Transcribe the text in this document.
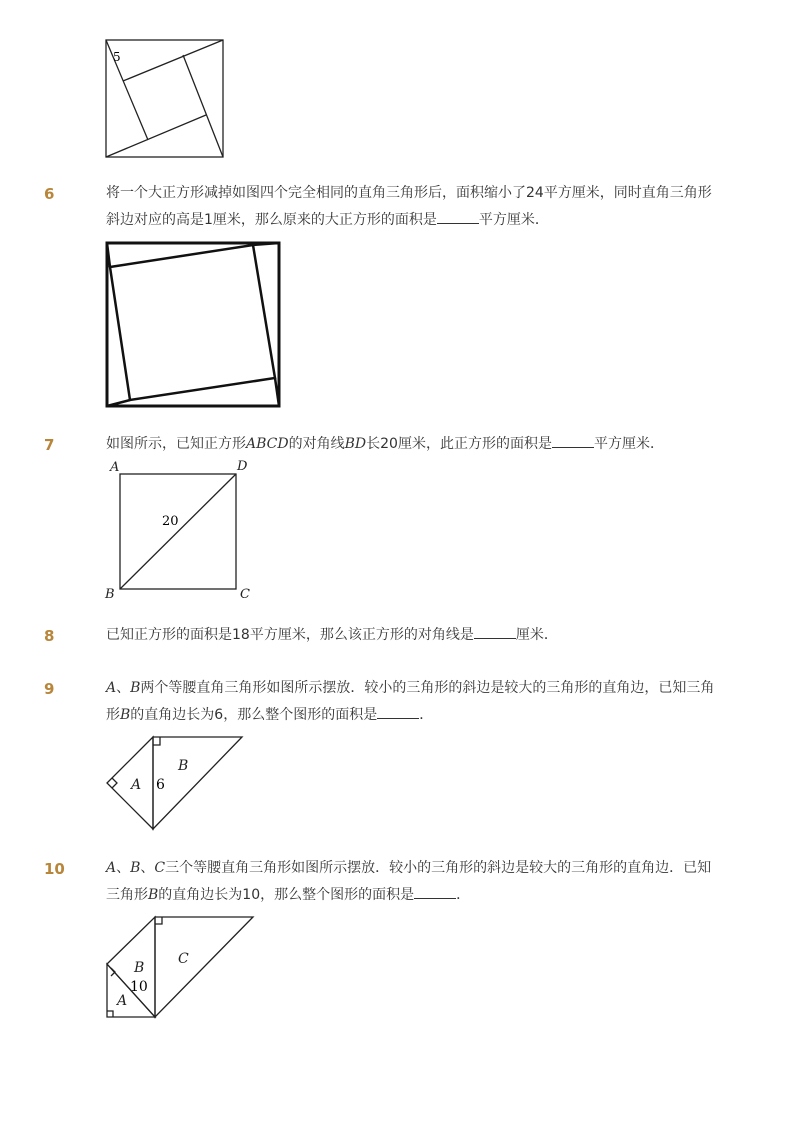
5
6	将一个大正方形减掉如图四个完全相同的直角三角形后，面积缩小了24平方厘米，同时直角三角形斜边对应的高是1厘米，那么原来的大正方形的面积是	平方厘米．
7	如图所示，已知正方形ABCD的对角线BD长20厘米，此正方形的面积是	平方厘米．
A	D
B	C
20
8	已知正方形的面积是18平方厘米，那么该正方形的对角线是	厘米．
9	A、B两个等腰直角三角形如图所示摆放．较小的三角形的斜边是较大的三角形的直角边，已知三角形B的直角边长为6，那么整个图形的面积是	．
A
B
6
10	A、B、C三个等腰直角三角形如图所示摆放．较小的三角形的斜边是较大的三角形的直角边．已知三角形B的直角边长为10，那么整个图形的面积是	．
A
B
C
10
